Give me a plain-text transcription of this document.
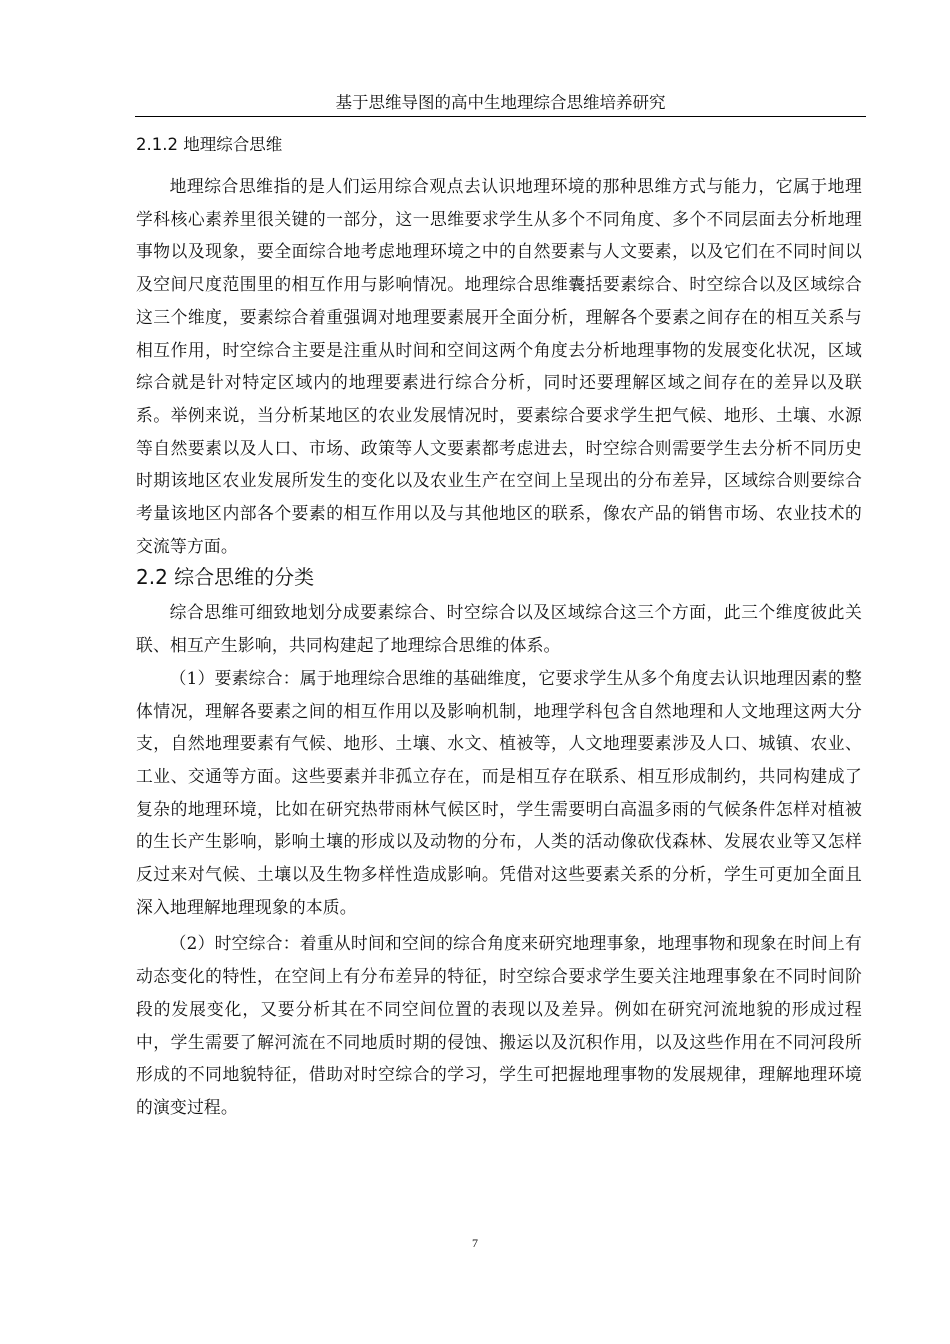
基于思维导图的高中生地理综合思维培养研究
2.1.2 地理综合思维

地理综合思维指的是人们运用综合观点去认识地理环境的那种思维方式与能力，它属于地理学科核心素养里很关键的一部分，这一思维要求学生从多个不同角度、多个不同层面去分析地理事物以及现象，要全面综合地考虑地理环境之中的自然要素与人文要素，以及它们在不同时间以及空间尺度范围里的相互作用与影响情况。地理综合思维囊括要素综合、时空综合以及区域综合这三个维度，要素综合着重强调对地理要素展开全面分析，理解各个要素之间存在的相互关系与相互作用，时空综合主要是注重从时间和空间这两个角度去分析地理事物的发展变化状况，区域综合就是针对特定区域内的地理要素进行综合分析，同时还要理解区域之间存在的差异以及联系。举例来说，当分析某地区的农业发展情况时，要素综合要求学生把气候、地形、土壤、水源等自然要素以及人口、市场、政策等人文要素都考虑进去，时空综合则需要学生去分析不同历史时期该地区农业发展所发生的变化以及农业生产在空间上呈现出的分布差异，区域综合则要综合考量该地区内部各个要素的相互作用以及与其他地区的联系，像农产品的销售市场、农业技术的交流等方面。

2.2 综合思维的分类

综合思维可细致地划分成要素综合、时空综合以及区域综合这三个方面，此三个维度彼此关联、相互产生影响，共同构建起了地理综合思维的体系。

（1）要素综合：属于地理综合思维的基础维度，它要求学生从多个角度去认识地理因素的整体情况，理解各要素之间的相互作用以及影响机制，地理学科包含自然地理和人文地理这两大分支，自然地理要素有气候、地形、土壤、水文、植被等，人文地理要素涉及人口、城镇、农业、工业、交通等方面。这些要素并非孤立存在，而是相互存在联系、相互形成制约，共同构建成了复杂的地理环境，比如在研究热带雨林气候区时，学生需要明白高温多雨的气候条件怎样对植被的生长产生影响，影响土壤的形成以及动物的分布，人类的活动像砍伐森林、发展农业等又怎样反过来对气候、土壤以及生物多样性造成影响。凭借对这些要素关系的分析，学生可更加全面且深入地理解地理现象的本质。

（2）时空综合：着重从时间和空间的综合角度来研究地理事象，地理事物和现象在时间上有动态变化的特性，在空间上有分布差异的特征，时空综合要求学生要关注地理事象在不同时间阶段的发展变化，又要分析其在不同空间位置的表现以及差异。例如在研究河流地貌的形成过程中，学生需要了解河流在不同地质时期的侵蚀、搬运以及沉积作用，以及这些作用在不同河段所形成的不同地貌特征，借助对时空综合的学习，学生可把握地理事物的发展规律，理解地理环境的演变过程。

7
